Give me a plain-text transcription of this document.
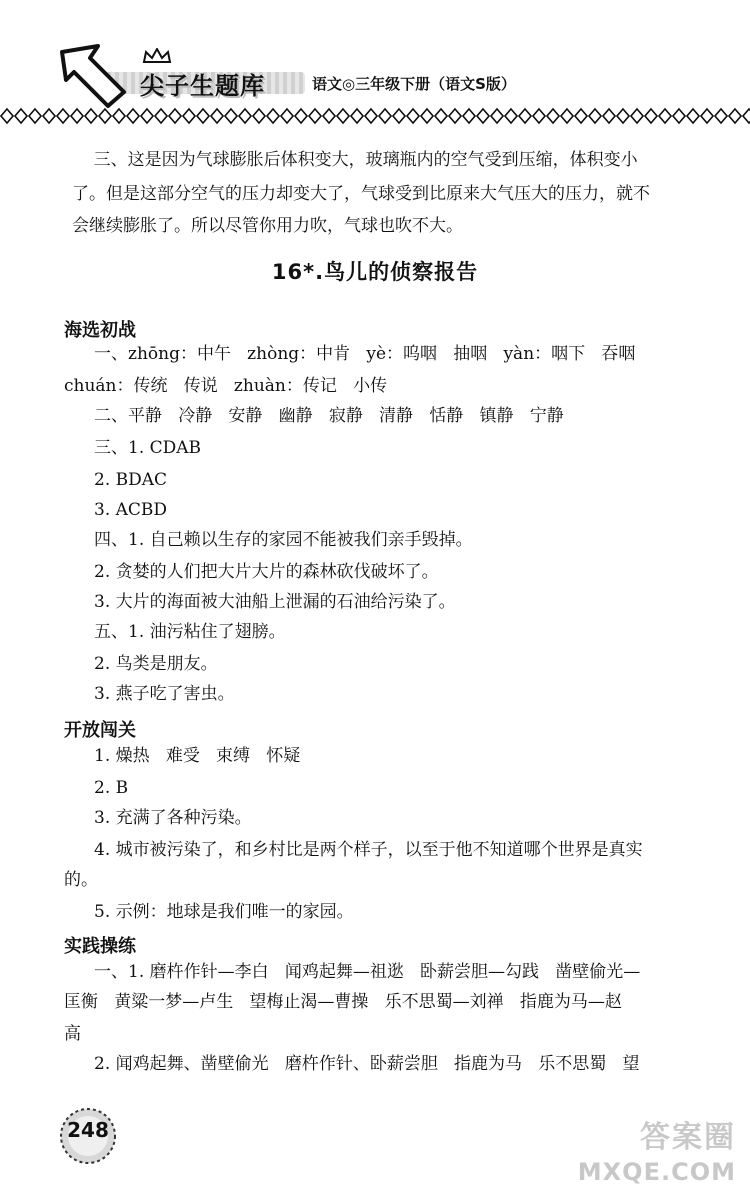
尖子生题库	语文◎三年级下册（语文S版）
三、这是因为气球膨胀后体积变大，玻璃瓶内的空气受到压缩，体积变小
了。但是这部分空气的压力却变大了，气球受到比原来大气压大的压力，就不
会继续膨胀了。所以尽管你用力吹，气球也吹不大。
16*.鸟儿的侦察报告
海选初战
一、zhōng：中午   zhòng：中肯   yè：呜咽   抽咽   yàn：咽下   吞咽
chuán：传统   传说   zhuàn：传记   小传
二、平静   冷静   安静   幽静   寂静   清静   恬静   镇静   宁静
三、1. CDAB
2. BDAC
3. ACBD
四、1. 自己赖以生存的家园不能被我们亲手毁掉。
2. 贪婪的人们把大片大片的森林砍伐破坏了。
3. 大片的海面被大油船上泄漏的石油给污染了。
五、1. 油污粘住了翅膀。
2. 鸟类是朋友。
3. 燕子吃了害虫。
开放闯关
1. 燥热   难受   束缚   怀疑
2. B
3. 充满了各种污染。
4. 城市被污染了，和乡村比是两个样子，以至于他不知道哪个世界是真实
的。
5. 示例：地球是我们唯一的家园。
实践操练
一、1. 磨杵作针—李白   闻鸡起舞—祖逖   卧薪尝胆—勾践   凿壁偷光—
匡衡   黄粱一梦—卢生   望梅止渴—曹操   乐不思蜀—刘禅   指鹿为马—赵
高
2. 闻鸡起舞、凿壁偷光   磨杵作针、卧薪尝胆   指鹿为马   乐不思蜀   望
248	答案圈
MXQE.COM
